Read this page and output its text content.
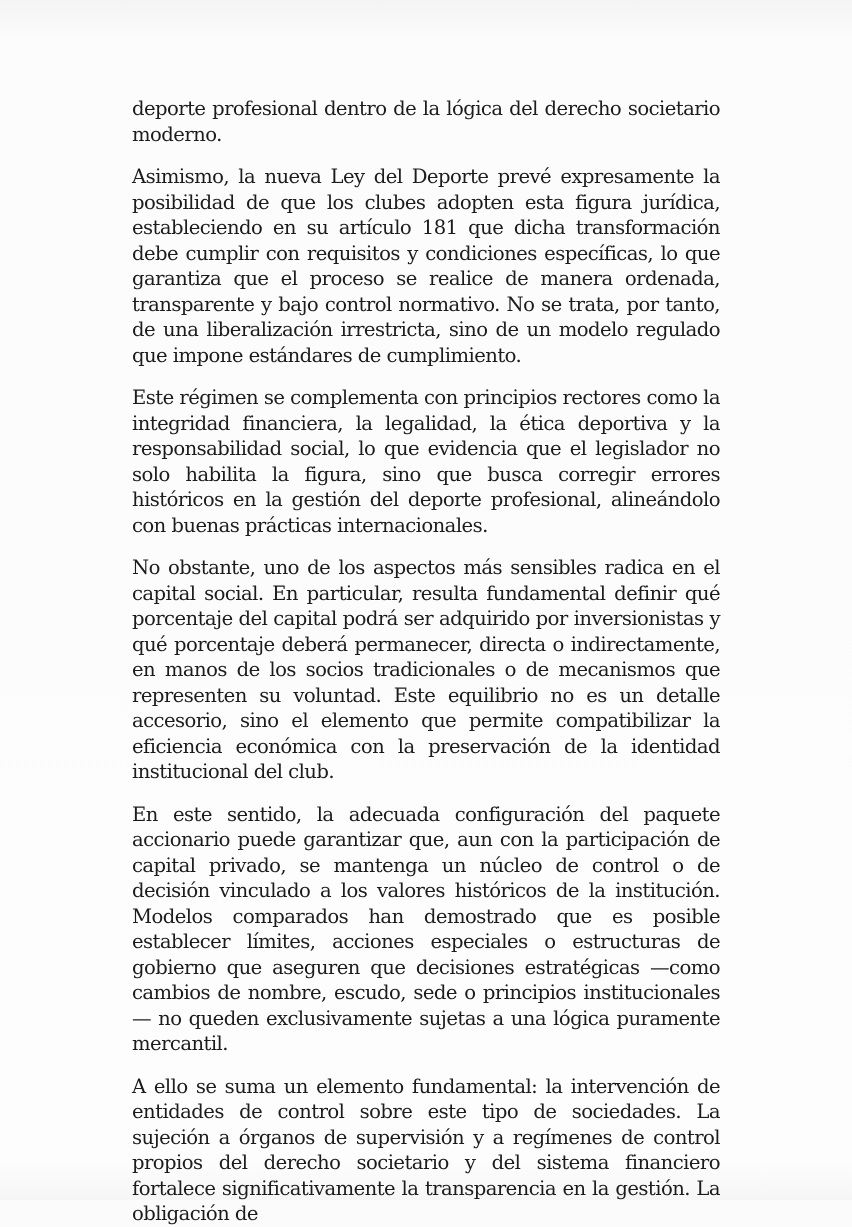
deporte profesional dentro de la lógica del derecho societario moderno.

Asimismo, la nueva Ley del Deporte prevé expresamente la posibilidad de que los clubes adopten esta figura jurídica, estableciendo en su artículo 181 que dicha transformación debe cumplir con requisitos y condiciones específicas, lo que garantiza que el proceso se realice de manera ordenada, transparente y bajo control normativo. No se trata, por tanto, de una liberalización irrestricta, sino de un modelo regulado que impone estándares de cumplimiento.

Este régimen se complementa con principios rectores como la integridad financiera, la legalidad, la ética deportiva y la responsabilidad social, lo que evidencia que el legislador no solo habilita la figura, sino que busca corregir errores históricos en la gestión del deporte profesional, alineándolo con buenas prácticas internacionales.

No obstante, uno de los aspectos más sensibles radica en el capital social. En particular, resulta fundamental definir qué porcentaje del capital podrá ser adquirido por inversionistas y qué porcentaje deberá permanecer, directa o indirectamente, en manos de los socios tradicionales o de mecanismos que representen su voluntad. Este equilibrio no es un detalle accesorio, sino el elemento que permite compatibilizar la eficiencia económica con la preservación de la identidad institucional del club.

En este sentido, la adecuada configuración del paquete accionario puede garantizar que, aun con la participación de capital privado, se mantenga un núcleo de control o de decisión vinculado a los valores históricos de la institución. Modelos comparados han demostrado que es posible establecer límites, acciones especiales o estructuras de gobierno que aseguren que decisiones estratégicas —como cambios de nombre, escudo, sede o principios institucionales— no queden exclusivamente sujetas a una lógica puramente mercantil.

A ello se suma un elemento fundamental: la intervención de entidades de control sobre este tipo de sociedades. La sujeción a órganos de supervisión y a regímenes de control propios del derecho societario y del sistema financiero fortalece significativamente la transparencia en la gestión. La obligación de
